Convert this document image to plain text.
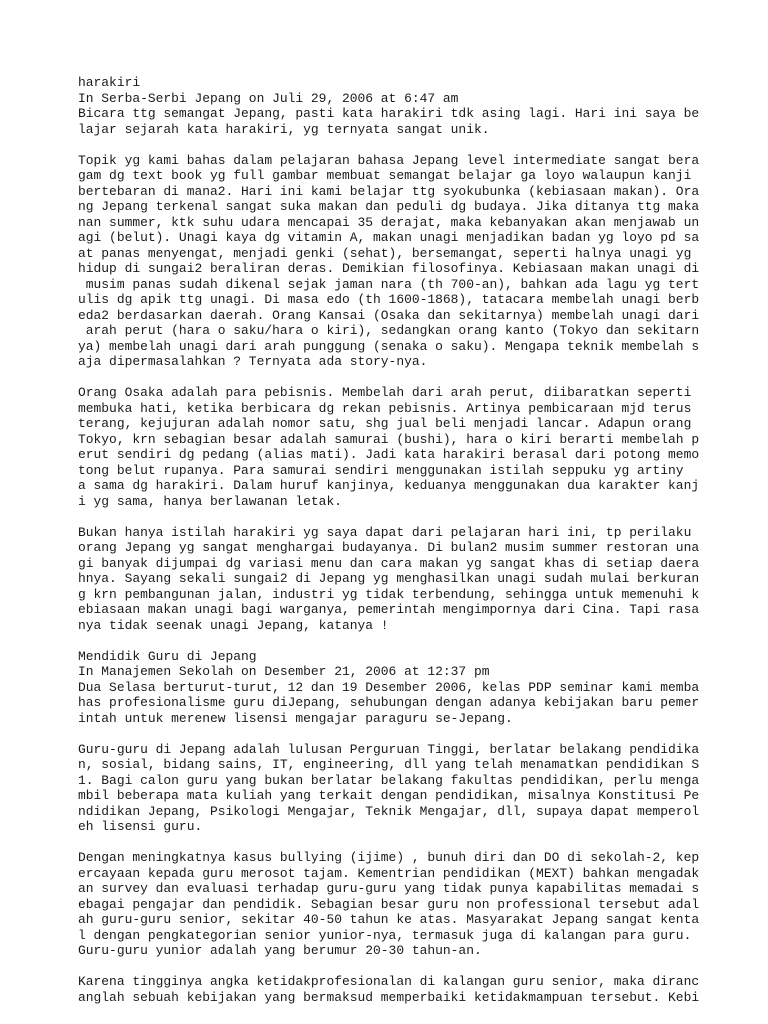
harakiri
In Serba-Serbi Jepang on Juli 29, 2006 at 6:47 am
Bicara ttg semangat Jepang, pasti kata harakiri tdk asing lagi. Hari ini saya be
lajar sejarah kata harakiri, yg ternyata sangat unik.
Topik yg kami bahas dalam pelajaran bahasa Jepang level intermediate sangat bera
gam dg text book yg full gambar membuat semangat belajar ga loyo walaupun kanji
bertebaran di mana2. Hari ini kami belajar ttg syokubunka (kebiasaan makan). Ora
ng Jepang terkenal sangat suka makan dan peduli dg budaya. Jika ditanya ttg maka
nan summer, ktk suhu udara mencapai 35 derajat, maka kebanyakan akan menjawab un
agi (belut). Unagi kaya dg vitamin A, makan unagi menjadikan badan yg loyo pd sa
at panas menyengat, menjadi genki (sehat), bersemangat, seperti halnya unagi yg
hidup di sungai2 beraliran deras. Demikian filosofinya. Kebiasaan makan unagi di
musim panas sudah dikenal sejak jaman nara (th 700-an), bahkan ada lagu yg tert
ulis dg apik ttg unagi. Di masa edo (th 1600-1868), tatacara membelah unagi berb
eda2 berdasarkan daerah. Orang Kansai (Osaka dan sekitarnya) membelah unagi dari
arah perut (hara o saku/hara o kiri), sedangkan orang kanto (Tokyo dan sekitarn
ya) membelah unagi dari arah punggung (senaka o saku). Mengapa teknik membelah s
aja dipermasalahkan ? Ternyata ada story-nya.
Orang Osaka adalah para pebisnis. Membelah dari arah perut, diibaratkan seperti
membuka hati, ketika berbicara dg rekan pebisnis. Artinya pembicaraan mjd terus
terang, kejujuran adalah nomor satu, shg jual beli menjadi lancar. Adapun orang
Tokyo, krn sebagian besar adalah samurai (bushi), hara o kiri berarti membelah p
erut sendiri dg pedang (alias mati). Jadi kata harakiri berasal dari potong memo
tong belut rupanya. Para samurai sendiri menggunakan istilah seppuku yg artiny
a sama dg harakiri. Dalam huruf kanjinya, keduanya menggunakan dua karakter kanj
i yg sama, hanya berlawanan letak.
Bukan hanya istilah harakiri yg saya dapat dari pelajaran hari ini, tp perilaku
orang Jepang yg sangat menghargai budayanya. Di bulan2 musim summer restoran una
gi banyak dijumpai dg variasi menu dan cara makan yg sangat khas di setiap daera
hnya. Sayang sekali sungai2 di Jepang yg menghasilkan unagi sudah mulai berkuran
g krn pembangunan jalan, industri yg tidak terbendung, sehingga untuk memenuhi k
ebiasaan makan unagi bagi warganya, pemerintah mengimpornya dari Cina. Tapi rasa
nya tidak seenak unagi Jepang, katanya !
Mendidik Guru di Jepang
In Manajemen Sekolah on Desember 21, 2006 at 12:37 pm
Dua Selasa berturut-turut, 12 dan 19 Desember 2006, kelas PDP seminar kami memba
has profesionalisme guru diJepang, sehubungan dengan adanya kebijakan baru pemer
intah untuk merenew lisensi mengajar paraguru se-Jepang.
Guru-guru di Jepang adalah lulusan Perguruan Tinggi, berlatar belakang pendidika
n, sosial, bidang sains, IT, engineering, dll yang telah menamatkan pendidikan S
1. Bagi calon guru yang bukan berlatar belakang fakultas pendidikan, perlu menga
mbil beberapa mata kuliah yang terkait dengan pendidikan, misalnya Konstitusi Pe
ndidikan Jepang, Psikologi Mengajar, Teknik Mengajar, dll, supaya dapat memperol
eh lisensi guru.
Dengan meningkatnya kasus bullying (ijime) , bunuh diri dan DO di sekolah-2, kep
ercayaan kepada guru merosot tajam. Kementrian pendidikan (MEXT) bahkan mengadak
an survey dan evaluasi terhadap guru-guru yang tidak punya kapabilitas memadai s
ebagai pengajar dan pendidik. Sebagian besar guru non professional tersebut adal
ah guru-guru senior, sekitar 40-50 tahun ke atas. Masyarakat Jepang sangat kenta
l dengan pengkategorian senior yunior-nya, termasuk juga di kalangan para guru.
Guru-guru yunior adalah yang berumur 20-30 tahun-an.
Karena tingginya angka ketidakprofesionalan di kalangan guru senior, maka diranc
anglah sebuah kebijakan yang bermaksud memperbaiki ketidakmampuan tersebut. Kebi
